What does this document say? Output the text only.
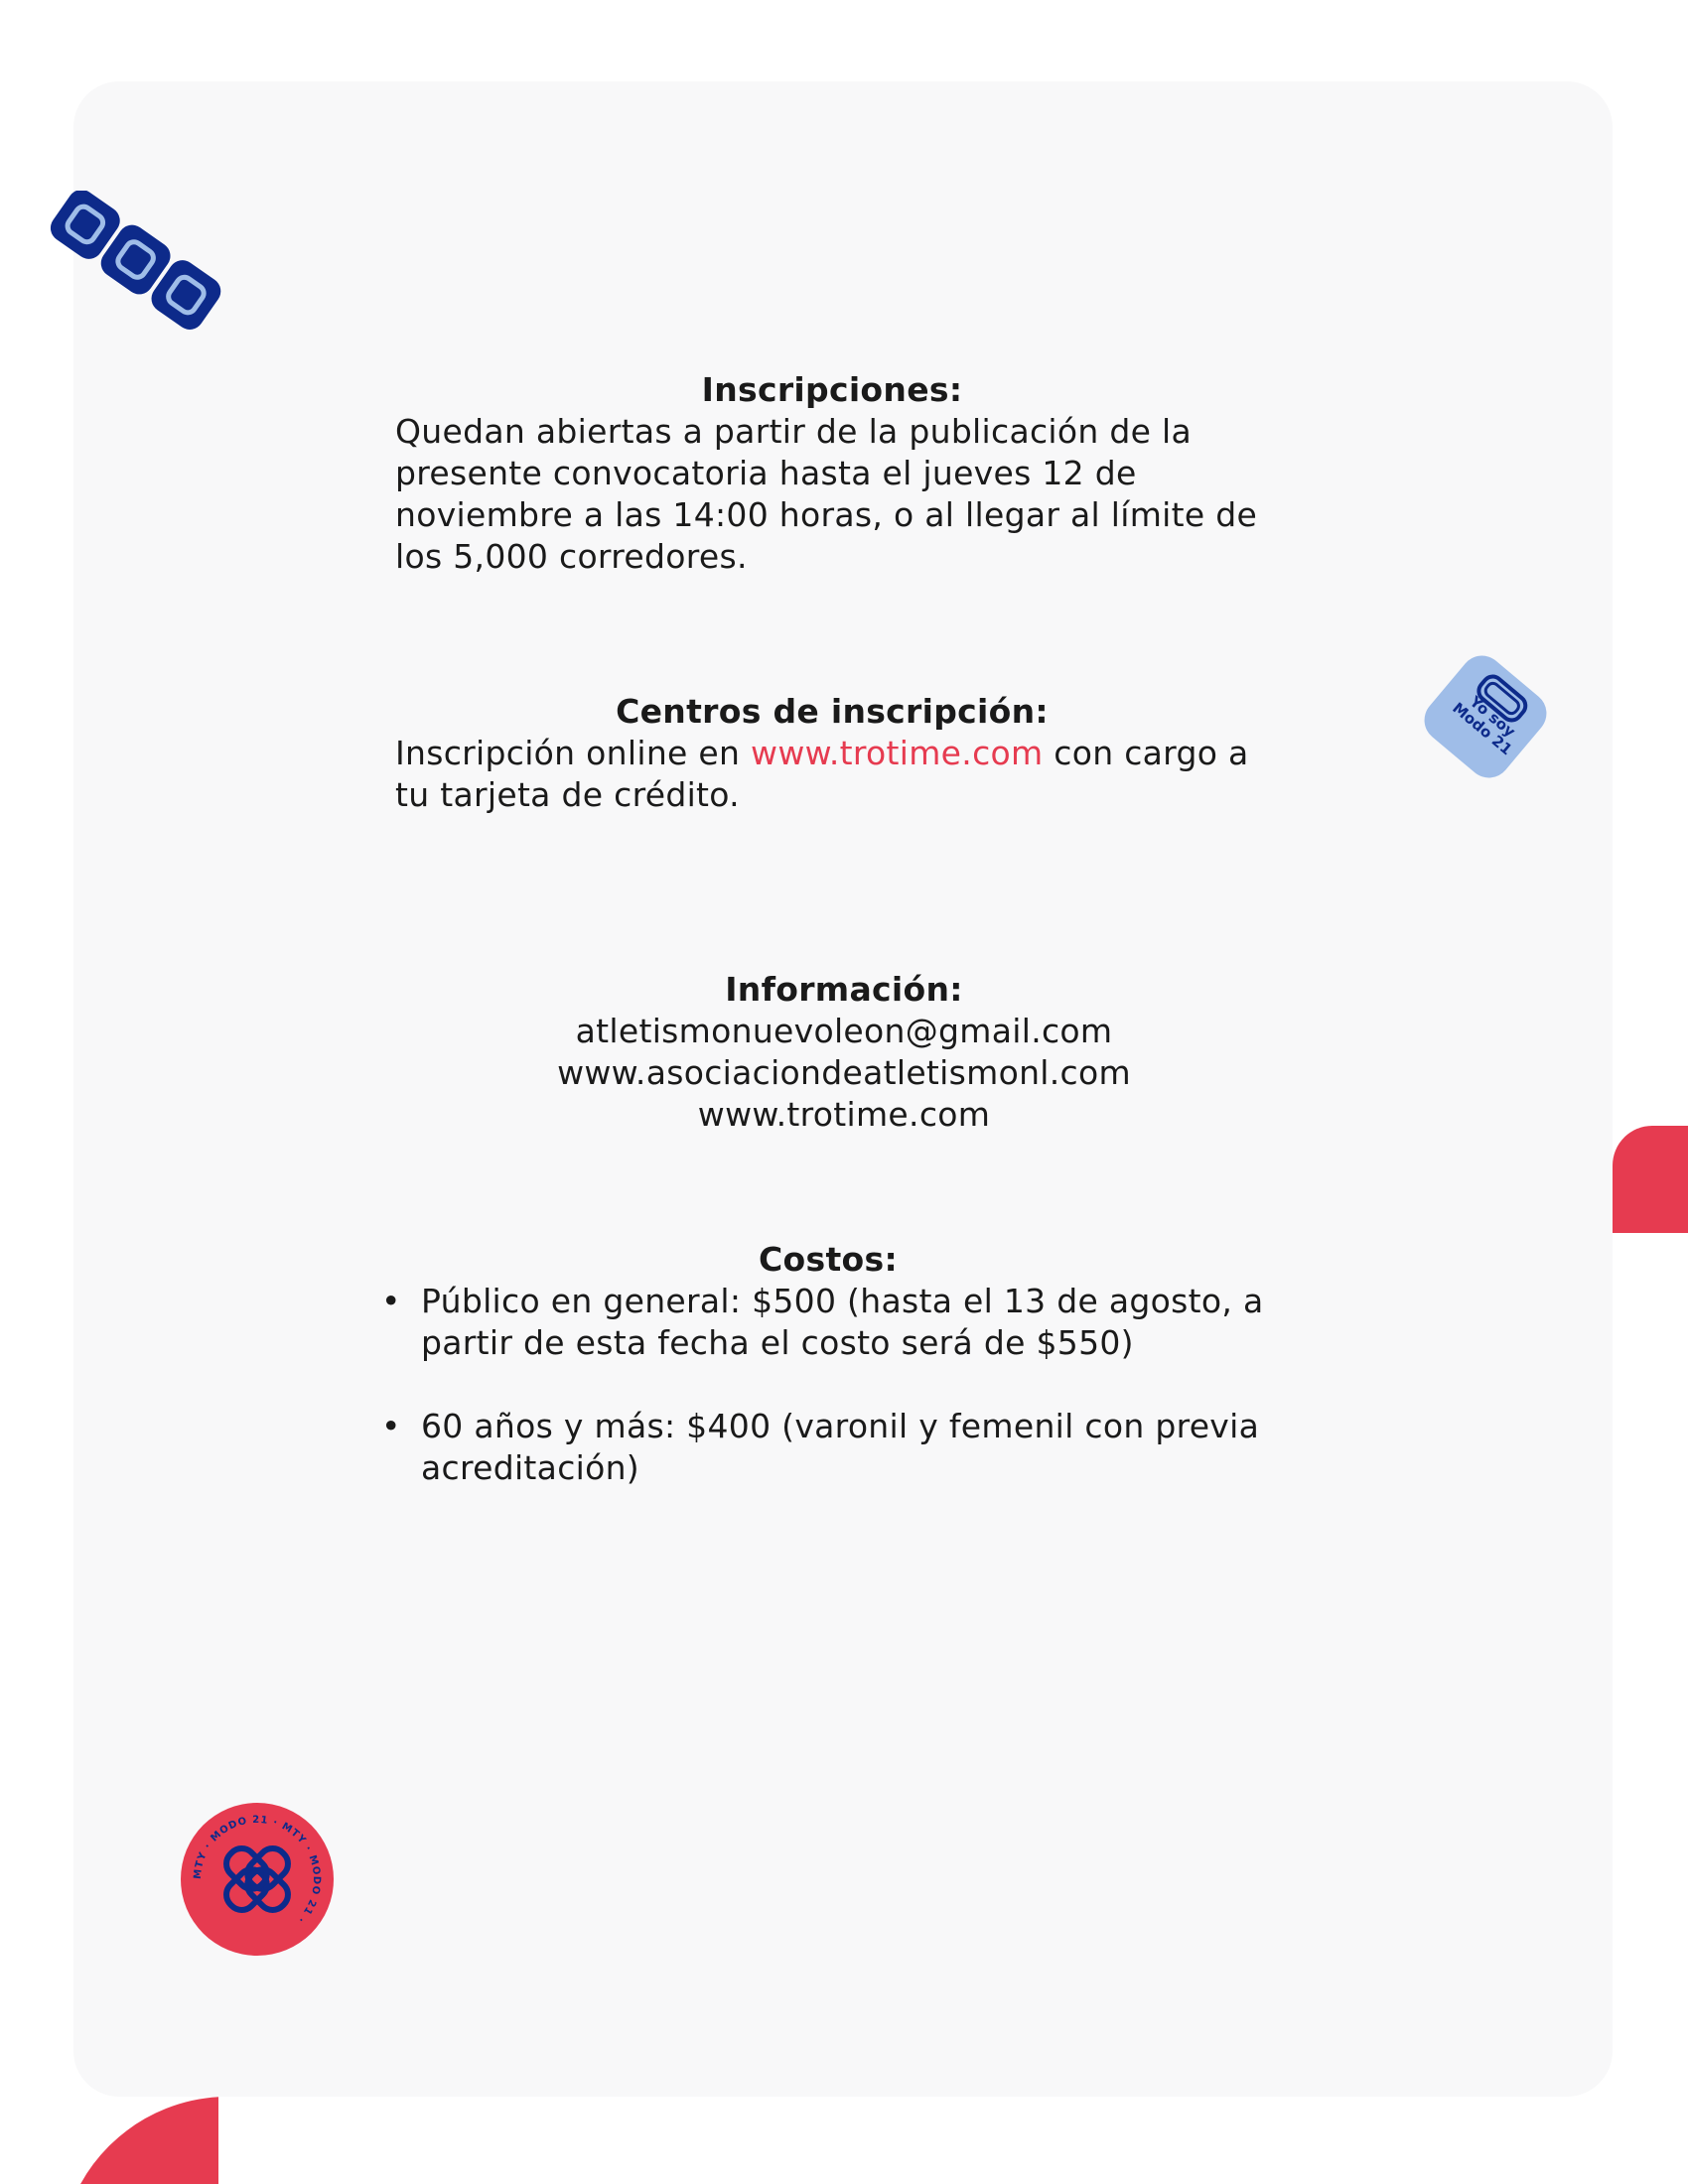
Yo soy Modo 21
MTY · MODO 21 · MTY · MODO 21 ·
Inscripciones:
Quedan abiertas a partir de la publicación de la presente convocatoria hasta el jueves 12 de noviembre a las 14:00 horas, o al llegar al límite de los 5,000 corredores.
Centros de inscripción:
Inscripción online en www.trotime.com con cargo a tu tarjeta de crédito.
Información:
atletismonuevoleon@gmail.com
www.asociaciondeatletismonl.com
www.trotime.com
Costos:
• Público en general: $500 (hasta el 13 de agosto, a partir de esta fecha el costo será de $550)
• 60 años y más: $400 (varonil y femenil con previa acreditación)
